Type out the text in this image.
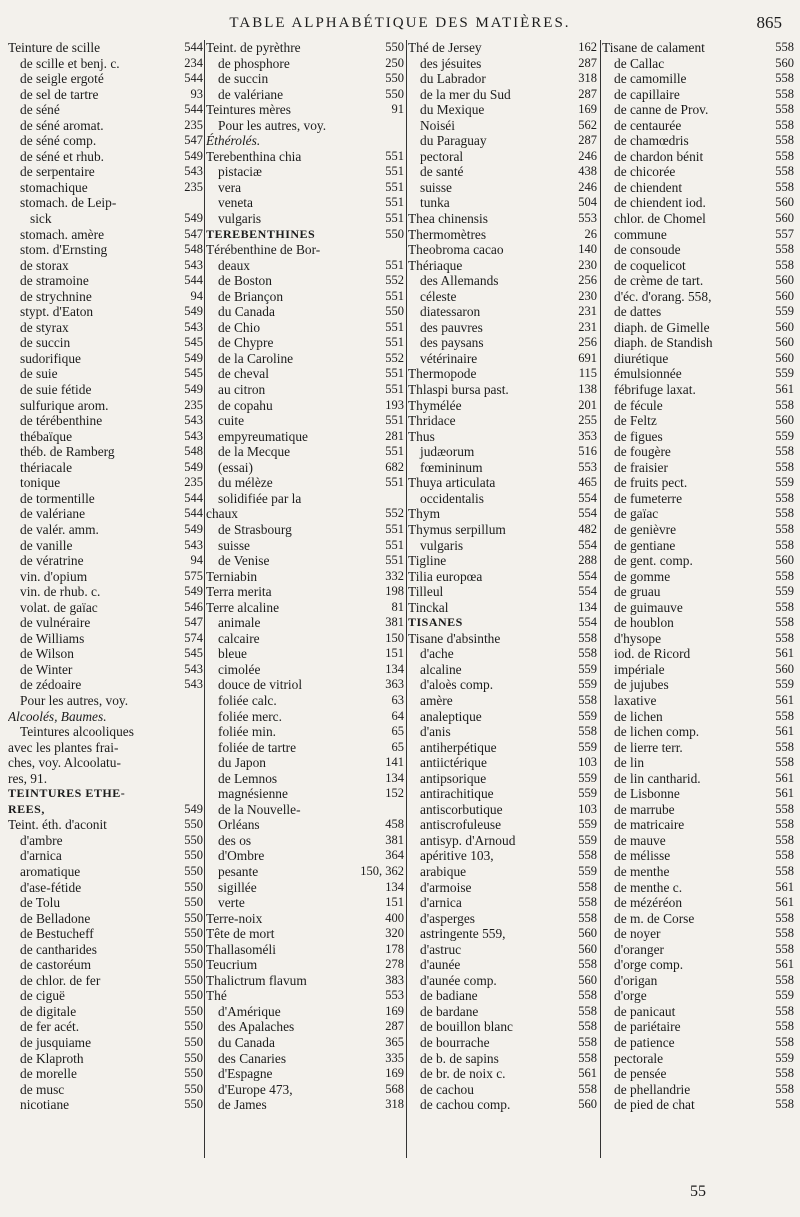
TABLE ALPHABÉTIQUE DES MATIÈRES.	865
Teinture de scille	544
de scille et benj. c.	234
de seigle ergoté	544
de sel de tartre	93
de séné	544
de séné aromat.	235
de séné comp.	547
de séné et rhub.	549
de serpentaire	543
stomachique	235
stomach. de Leip-
sick	549
stomach. amère	547
stom. d'Ernsting	548
de storax	543
de stramoine	544
de strychnine	94
stypt. d'Eaton	549
de styrax	543
de succin	545
sudorifique	549
de suie	545
de suie fétide	549
sulfurique arom.	235
de térébenthine	543
thébaïque	543
théb. de Ramberg	548
thériacale	549
tonique	235
de tormentille	544
de valériane	544
de valér. amm.	549
de vanille	543
de vératrine	94
vin. d'opium	575
vin. de rhub. c.	549
volat. de gaïac	546
de vulnéraire	547
de Williams	574
de Wilson	545
de Winter	543
de zédoaire	543
Pour les autres, voy.
Alcoolés, Baumes.
Teintures alcooliques
avec les plantes frai-
ches, voy. Alcoolatu-
res, 91.
TEINTURES ETHE-
REES,	549
Teint. éth. d'aconit	550
d'ambre	550
d'arnica	550
aromatique	550
d'ase-fétide	550
de Tolu	550
de Belladone	550
de Bestucheff	550
de cantharides	550
de castoréum	550
de chlor. de fer	550
de ciguë	550
de digitale	550
de fer acét.	550
de jusquiame	550
de Klaproth	550
de morelle	550
de musc	550
nicotiane	550
Teint. de pyrèthre	550
de phosphore	250
de succin	550
de valériane	550
Teintures mères	91
Pour les autres, voy.
Éthérolés.
Terebenthina chia	551
pistaciæ	551
vera	551
veneta	551
vulgaris	551
TEREBENTHINES	550
Térébenthine de Bor-
deaux	551
de Boston	552
de Briançon	551
du Canada	550
de Chio	551
de Chypre	551
de la Caroline	552
de cheval	551
au citron	551
de copahu	193
cuite	551
empyreumatique	281
de la Mecque	551
(essai)	682
du mélèze	551
solidifiée par la
chaux	552
de Strasbourg	551
suisse	551
de Venise	551
Terniabin	332
Terra merita	198
Terre alcaline	81
animale	381
calcaire	150
bleue	151
cimolée	134
douce de vitriol	363
foliée calc.	63
foliée merc.	64
foliée min.	65
foliée de tartre	65
du Japon	141
de Lemnos	134
magnésienne	152
de la Nouvelle-
Orléans	458
des os	381
d'Ombre	364
pesante	150, 362
sigillée	134
verte	151
Terre-noix	400
Tête de mort	320
Thallasoméli	178
Teucrium	278
Thalictrum flavum	383
Thé	553
d'Amérique	169
des Apalaches	287
du Canada	365
des Canaries	335
d'Espagne	169
d'Europe 473,	568
de James	318
Thé de Jersey	162
des jésuites	287
du Labrador	318
de la mer du Sud	287
du Mexique	169
Noiséi	562
du Paraguay	287
pectoral	246
de santé	438
suisse	246
tunka	504
Thea chinensis	553
Thermomètres	26
Theobroma cacao	140
Thériaque	230
des Allemands	256
céleste	230
diatessaron	231
des pauvres	231
des paysans	256
vétérinaire	691
Thermopode	115
Thlaspi bursa past.	138
Thymélée	201
Thridace	255
Thus	353
judæorum	516
fœmininum	553
Thuya articulata	465
occidentalis	554
Thym	554
Thymus serpillum	482
vulgaris	554
Tigline	288
Tilia europœa	554
Tilleul	554
Tinckal	134
TISANES	554
Tisane d'absinthe	558
d'ache	558
alcaline	559
d'aloès comp.	559
amère	558
analeptique	559
d'anis	558
antiherpétique	559
antiictérique	103
antipsorique	559
antirachitique	559
antiscorbutique	103
antiscrofuleuse	559
antisyp. d'Arnoud	559
apéritive 103,	558
arabique	559
d'armoise	558
d'arnica	558
d'asperges	558
astringente 559,	560
d'astruc	560
d'aunée	558
d'aunée comp.	560
de badiane	558
de bardane	558
de bouillon blanc	558
de bourrache	558
de b. de sapins	558
de br. de noix c.	561
de cachou	558
de cachou comp.	560
Tisane de calament	558
de Callac	560
de camomille	558
de capillaire	558
de canne de Prov.	558
de centaurée	558
de chamœdris	558
de chardon bénit	558
de chicorée	558
de chiendent	558
de chiendent iod.	560
chlor. de Chomel	560
commune	557
de consoude	558
de coquelicot	558
de crème de tart.	560
d'éc. d'orang. 558,	560
de dattes	559
diaph. de Gimelle	560
diaph. de Standish	560
diurétique	560
émulsionnée	559
fébrifuge laxat.	561
de fécule	558
de Feltz	560
de figues	559
de fougère	558
de fraisier	558
de fruits pect.	559
de fumeterre	558
de gaïac	558
de genièvre	558
de gentiane	558
de gent. comp.	560
de gomme	558
de gruau	559
de guimauve	558
de houblon	558
d'hysope	558
iod. de Ricord	561
impériale	560
de jujubes	559
laxative	561
de lichen	558
de lichen comp.	561
de lierre terr.	558
de lin	558
de lin cantharid.	561
de Lisbonne	561
de marrube	558
de matricaire	558
de mauve	558
de mélisse	558
de menthe	558
de menthe c.	561
de mézéréon	561
de m. de Corse	558
de noyer	558
d'oranger	558
d'orge comp.	561
d'origan	558
d'orge	559
de panicaut	558
de pariétaire	558
de patience	558
pectorale	559
de pensée	558
de phellandrie	558
de pied de chat	558
55
